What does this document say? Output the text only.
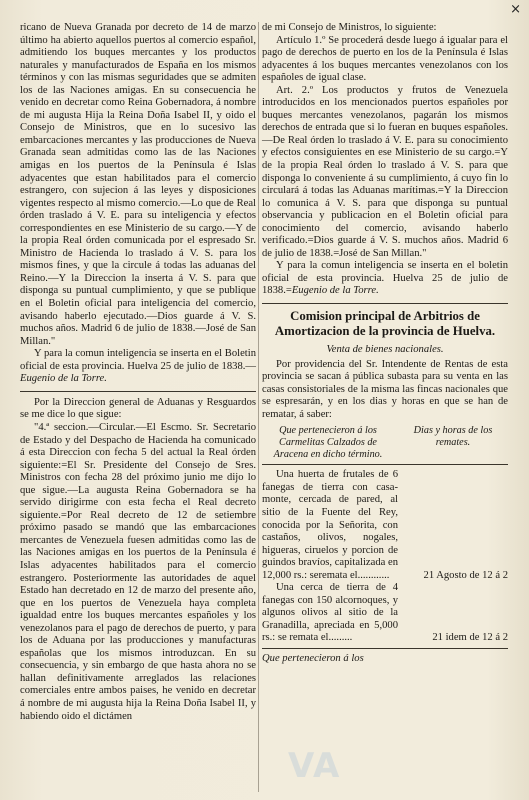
×

ricano de Nueva Granada por decreto de 14 de marzo último ha abierto aquellos puertos al comercio español, admitiendo los buques mercantes y los productos naturales y manufacturados de España en los mismos términos y con las mismas seguridades que se admiten los de las Naciones amigas. En su consecuencia he venido en decretar como Reina Gobernadora, á nombre de mi augusta Hija la Reina Doña Isabel II, y oido el Consejo de Ministros, que en lo sucesivo las embarcaciones mercantes y las producciones de Nueva Granada sean admitidas como las de las Naciones amigas en los puertos de la Península é Islas adyacentes que estan habilitados para el comercio estrangero, con sujecion á las leyes y disposiciones vigentes respecto al mismo comercio.—Lo que de Real órden traslado á V. E. para su inteligencia y efectos correspondientes en ese Ministerio de su cargo.—Y de la propia Real órden comunicada por el espresado Sr. Ministro de Hacienda lo traslado á V. S. para los mismos fines, y que la circule á todas las aduanas del Reino.—Y la Direccion la inserta á V. S. para que disponga su puntual cumplimiento, y que se publique en el Boletin oficial para inteligencia del comercio, avisando haberlo ejecutado.—Dios guarde á V. S. muchos años. Madrid 6 de julio de 1838.—José de San Millan."

Y para la comun inteligencia se inserta en el Boletin oficial de esta provincia. Huelva 25 de julio de 1838.—Eugenio de la Torre.

Por la Direccion general de Aduanas y Resguardos se me dice lo que sigue:

"4.ª seccion.—Circular.—El Escmo. Sr. Secretario de Estado y del Despacho de Hacienda ha comunicado á esta Direccion con fecha 5 del actual la Real órden siguiente:=El Sr. Presidente del Consejo de Sres. Ministros con fecha 28 del próximo junio me dijo lo que sigue.—La augusta Reina Gobernadora se ha servido dirigirme con esta fecha el Real decreto siguiente.=Por Real decreto de 12 de setiembre próximo pasado se mandó que las embarcaciones mercantes de Venezuela fuesen admitidas como las de las Naciones amigas en los puertos de la Península é Islas adyacentes habilitados para el comercio estrangero. Posteriormente las autoridades de aquel Estado han decretado en 12 de marzo del presente año, que en los puertos de Venezuela haya completa igualdad entre los buques mercantes españoles y los venezolanos para el pago de derechos de puerto, y para los de Aduana por las producciones y manufacturas españolas que los mismos introduzcan. En su consecuencia, y sin embargo de que hasta ahora no se hallan definitivamente arreglados las relaciones comerciales entre ambos paises, he venido en decretar á nombre de mi augusta hija la Reina Doña Isabel II, y habiendo oido el dictámen

de mi Consejo de Ministros, lo siguiente:

Artículo 1.º Se procederá desde luego á igualar para el pago de derechos de puerto en los de la Península é Islas adyacentes á los buques mercantes venezolanos con los españoles de igual clase.

Art. 2.º Los productos y frutos de Venezuela introducidos en los mencionados puertos españoles por buques mercantes venezolanos, pagarán los mismos derechos de entrada que si lo fueran en buques españoles.—De Real órden lo traslado á V. E. para su conocimiento y efectos consiguientes en ese Ministerio de su cargo.=Y de la propia Real órden lo traslado á V. S. para que disponga lo conveniente á su cumplimiento, á cuyo fin lo circulará á todas las Aduanas marítimas.=Y la Direccion lo comunica á V. S. para que disponga su puntual observancia y publicacion en el Boletin oficial para conocimiento del comercio, avisando haberlo verificado.=Dios guarde á V. S. muchos años. Madrid 6 de julio de 1838.=José de San Millan."

Y para la comun inteligencia se inserta en el boletin oficial de esta provincia. Huelva 25 de julio de 1838.=Eugenio de la Torre.

Comision principal de Arbitrios de Amortizacion de la provincia de Huelva.

Venta de bienes nacionales.

Por providencia del Sr. Intendente de Rentas de esta provincia se sacan á pública subasta para su venta en las casas consistoriales de la misma las fincas nacionales que se espresarán, y en los dias y horas en que se han de rematar, á saber:

Que pertenecieron á los Carmelitas Calzados de Aracena en dicho término.
Dias y horas de los remates.
Una huerta de frutales de 6 fanegas de tierra con casa-monte, cercada de pared, al sitio de la Fuente del Rey, conocida por la Señorita, con castaños, olivos, nogales, higueras, ciruelos y porcion de guindos bravíos, capitalizada en 12,000 rs.: seremata el............	21 Agosto de 12 á 2
Una cerca de tierra de 4 fanegas con 150 alcornoques, y algunos olivos al sitio de la Granadilla, apreciada en 5,000 rs.: se remata el.........	21 idem de 12 á 2

Que pertenecieron á los

VA
